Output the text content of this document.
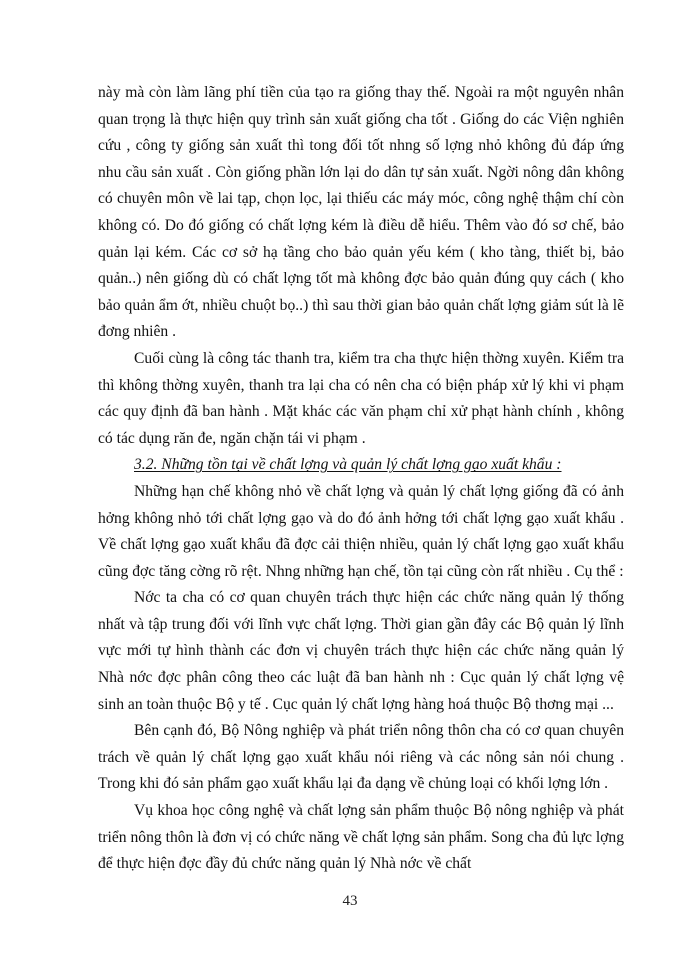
này mà còn làm lãng phí tiền của tạo ra giống thay thế. Ngoài ra một nguyên nhân quan trọng là thực hiện quy trình sản xuất giống cha tốt . Giống do các Viện nghiên cứu , công ty giống sản xuất thì tong đối tốt nhng số lợng nhỏ không đủ đáp ứng nhu cầu sản xuất . Còn giống phần lớn lại do dân tự sản xuất. Ngời nông dân không có chuyên môn về lai tạp, chọn lọc, lại thiếu các máy móc, công nghệ thậm chí còn không có. Do đó giống có chất lợng kém là điều dễ hiểu. Thêm vào đó sơ chế, bảo quản lại kém. Các cơ sở hạ tầng cho bảo quản yếu kém ( kho tàng, thiết bị, bảo quản..) nên giống dù có chất lợng tốt mà không đợc bảo quản đúng quy cách ( kho bảo quản ẩm ớt, nhiều chuột bọ..) thì sau thời gian bảo quản chất lợng giảm sút là lẽ đơng nhiên .

Cuối cùng là công tác thanh tra, kiểm tra cha thực hiện thờng xuyên. Kiểm tra thì không thờng xuyên, thanh tra lại cha có nên cha có biện pháp xử lý khi vi phạm các quy định đã ban hành . Mặt khác các văn phạm chỉ xử phạt hành chính , không có tác dụng răn đe, ngăn chặn tái vi phạm .

3.2. Những tồn tại về chất lợng và quản lý chất lợng gạo xuất khẩu :

Những hạn chế không nhỏ về chất lợng và quản lý chất lợng giống đã có ảnh hởng không nhỏ tới chất lợng gạo và do đó ảnh hởng tới chất lợng gạo xuất khẩu . Về chất lợng gạo xuất khẩu đã đợc cải thiện nhiều, quản lý chất lợng gạo xuất khẩu cũng đợc tăng cờng rõ rệt. Nhng những hạn chế, tồn tại cũng còn rất nhiều . Cụ thể :

Nớc ta cha có cơ quan chuyên trách thực hiện các chức năng quản lý thống nhất và tập trung đối với lĩnh vực chất lợng. Thời gian gần đây các Bộ quản lý lĩnh vực mới tự hình thành các đơn vị chuyên trách thực hiện các chức năng quản lý Nhà nớc đợc phân công theo các luật đã ban hành nh : Cục quản lý chất lợng vệ sinh an toàn thuộc Bộ y tế . Cục quản lý chất lợng hàng hoá thuộc Bộ thơng mại ...

Bên cạnh đó, Bộ Nông nghiệp và phát triển nông thôn cha có cơ quan chuyên trách về quản lý chất lợng gạo xuất khẩu nói riêng và các nông sản nói chung . Trong khi đó sản phẩm gạo xuất khẩu lại đa dạng về chủng loại có khối lợng lớn .

Vụ khoa học công nghệ và chất lợng sản phẩm thuộc Bộ nông nghiệp và phát triển nông thôn là đơn vị có chức năng về chất lợng sản phẩm. Song cha đủ lực lợng để thực hiện đợc đầy đủ chức năng quản lý Nhà nớc về chất

43
